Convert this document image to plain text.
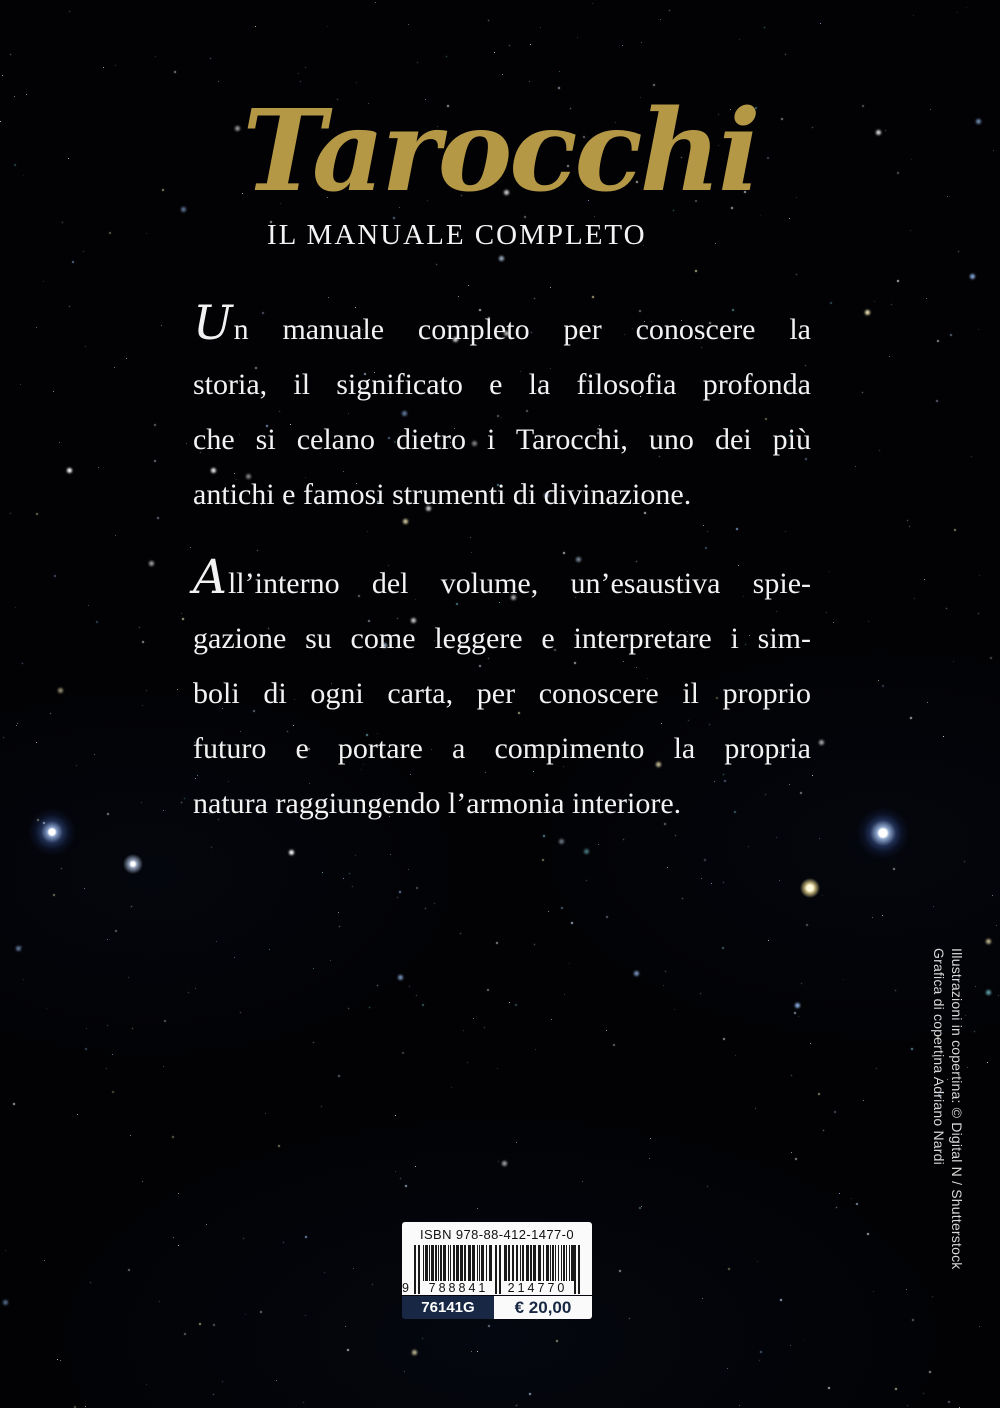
Tarocchi
IL MANUALE COMPLETO
Un manuale completo per conoscere la
storia, il significato e la filosofia profonda
che si celano dietro i Tarocchi, uno dei più
antichi e famosi strumenti di divinazione.
All’interno del volume, un’esaustiva spie-
gazione su come leggere e interpretare i sim-
boli di ogni carta, per conoscere il proprio
futuro e portare a compimento la propria
natura raggiungendo l’armonia interiore.
Illustrazioni in copertina: © Digital N / Shutterstock
Grafica di copertina Adriano Nardi
ISBN 978-88-412-1477-0
9	788841	214770
76141G	€ 20,00
